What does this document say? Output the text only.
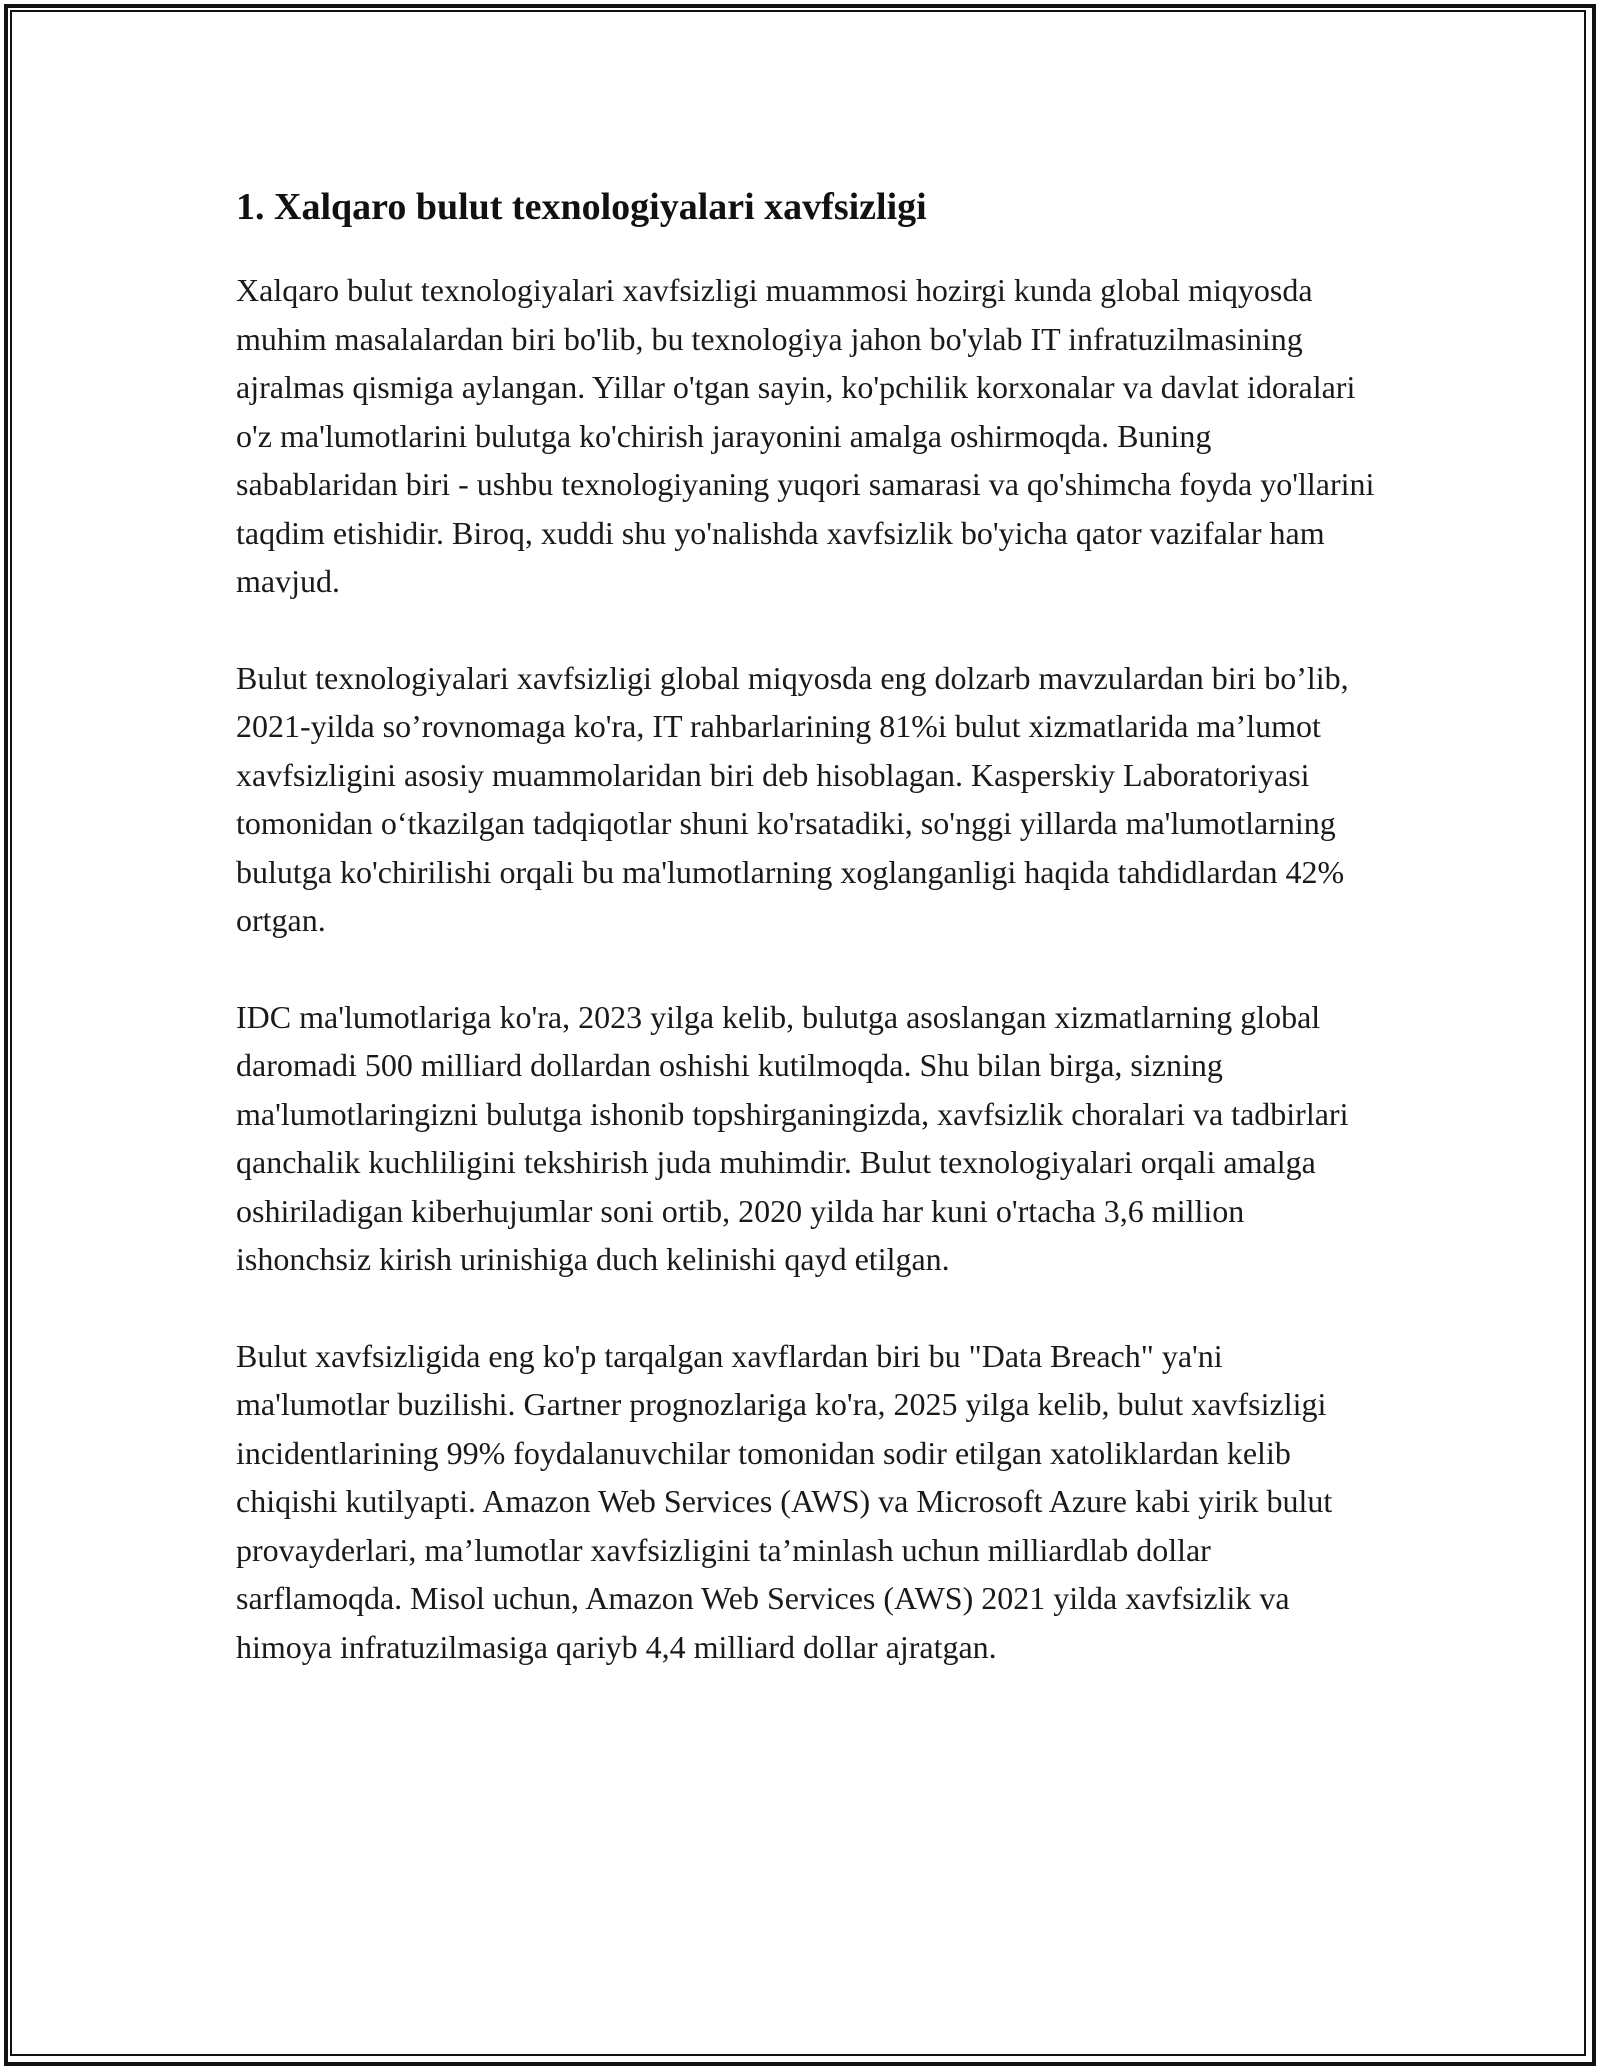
1. Xalqaro bulut texnologiyalari xavfsizligi

Xalqaro bulut texnologiyalari xavfsizligi muammosi hozirgi kunda global miqyosda muhim masalalardan biri bo'lib, bu texnologiya jahon bo'ylab IT infratuzilmasining ajralmas qismiga aylangan. Yillar o'tgan sayin, ko'pchilik korxonalar va davlat idoralari o'z ma'lumotlarini bulutga ko'chirish jarayonini amalga oshirmoqda. Buning sabablaridan biri - ushbu texnologiyaning yuqori samarasi va qo'shimcha foyda yo'llarini taqdim etishidir. Biroq, xuddi shu yo'nalishda xavfsizlik bo'yicha qator vazifalar ham mavjud.

Bulut texnologiyalari xavfsizligi global miqyosda eng dolzarb mavzulardan biri bo’lib, 2021-yilda so’rovnomaga ko'ra, IT rahbarlarining 81%i bulut xizmatlarida ma’lumot xavfsizligini asosiy muammolaridan biri deb hisoblagan. Kasperskiy Laboratoriyasi tomonidan o‘tkazilgan tadqiqotlar shuni ko'rsatadiki, so'nggi yillarda ma'lumotlarning bulutga ko'chirilishi orqali bu ma'lumotlarning xoglanganligi haqida tahdidlardan 42% ortgan.

IDC ma'lumotlariga ko'ra, 2023 yilga kelib, bulutga asoslangan xizmatlarning global daromadi 500 milliard dollardan oshishi kutilmoqda. Shu bilan birga, sizning ma'lumotlaringizni bulutga ishonib topshirganingizda, xavfsizlik choralari va tadbirlari qanchalik kuchliligini tekshirish juda muhimdir. Bulut texnologiyalari orqali amalga oshiriladigan kiberhujumlar soni ortib, 2020 yilda har kuni o'rtacha 3,6 million ishonchsiz kirish urinishiga duch kelinishi qayd etilgan.

Bulut xavfsizligida eng ko'p tarqalgan xavflardan biri bu "Data Breach" ya'ni ma'lumotlar buzilishi. Gartner prognozlariga ko'ra, 2025 yilga kelib, bulut xavfsizligi incidentlarining 99% foydalanuvchilar tomonidan sodir etilgan xatoliklardan kelib chiqishi kutilyapti. Amazon Web Services (AWS) va Microsoft Azure kabi yirik bulut provayderlari, ma’lumotlar xavfsizligini ta’minlash uchun milliardlab dollar sarflamoqda. Misol uchun, Amazon Web Services (AWS) 2021 yilda xavfsizlik va himoya infratuzilmasiga qariyb 4,4 milliard dollar ajratgan.
